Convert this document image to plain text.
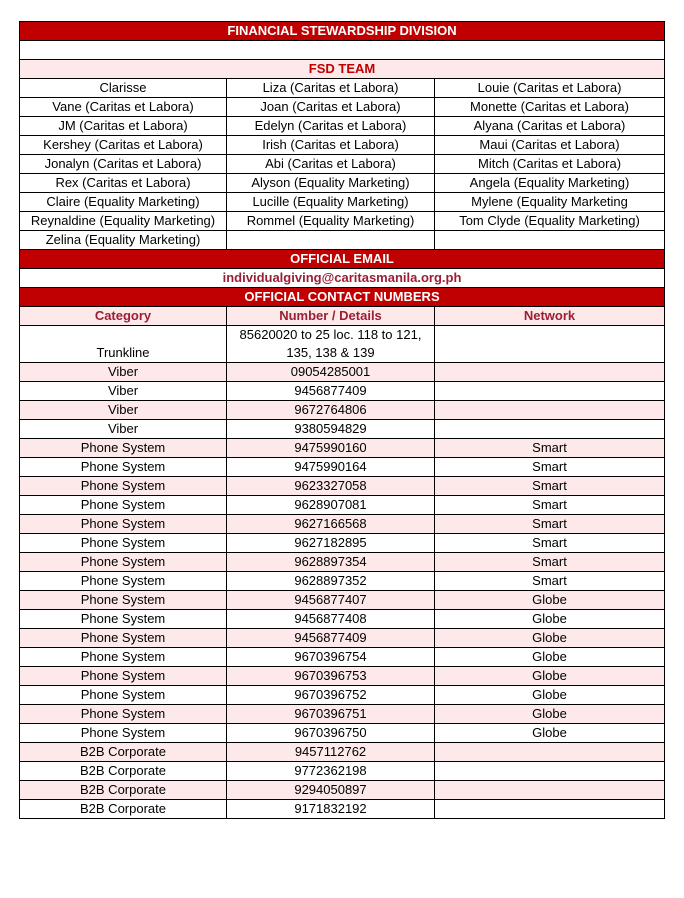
FINANCIAL STEWARDSHIP DIVISION		

FSD TEAM		
Clarisse	Liza (Caritas et Labora)	Louie (Caritas et Labora)
Vane (Caritas et Labora)	Joan (Caritas et Labora)	Monette (Caritas et Labora)
JM (Caritas et Labora)	Edelyn (Caritas et Labora)	Alyana (Caritas et Labora)
Kershey (Caritas et Labora)	Irish (Caritas et Labora)	Maui (Caritas et Labora)
Jonalyn (Caritas et Labora)	Abi (Caritas et Labora)	Mitch (Caritas et Labora)
Rex (Caritas et Labora)	Alyson (Equality Marketing)	Angela (Equality Marketing)
Claire (Equality Marketing)	Lucille (Equality Marketing)	Mylene (Equality Marketing
Reynaldine (Equality Marketing)	Rommel (Equality Marketing)	Tom Clyde (Equality Marketing)
Zelina (Equality Marketing)		
OFFICIAL EMAIL		
individualgiving@caritasmanila.org.ph		
OFFICIAL CONTACT NUMBERS		
Category	Number / Details	Network
Trunkline	85620020 to 25 loc. 118 to 121,
135, 138 & 139	
Viber	09054285001	
Viber	9456877409	
Viber	9672764806	
Viber	9380594829	
Phone System	9475990160	Smart
Phone System	9475990164	Smart
Phone System	9623327058	Smart
Phone System	9628907081	Smart
Phone System	9627166568	Smart
Phone System	9627182895	Smart
Phone System	9628897354	Smart
Phone System	9628897352	Smart
Phone System	9456877407	Globe
Phone System	9456877408	Globe
Phone System	9456877409	Globe
Phone System	9670396754	Globe
Phone System	9670396753	Globe
Phone System	9670396752	Globe
Phone System	9670396751	Globe
Phone System	9670396750	Globe
B2B Corporate	9457112762	
B2B Corporate	9772362198	
B2B Corporate	9294050897	
B2B Corporate	9171832192	
